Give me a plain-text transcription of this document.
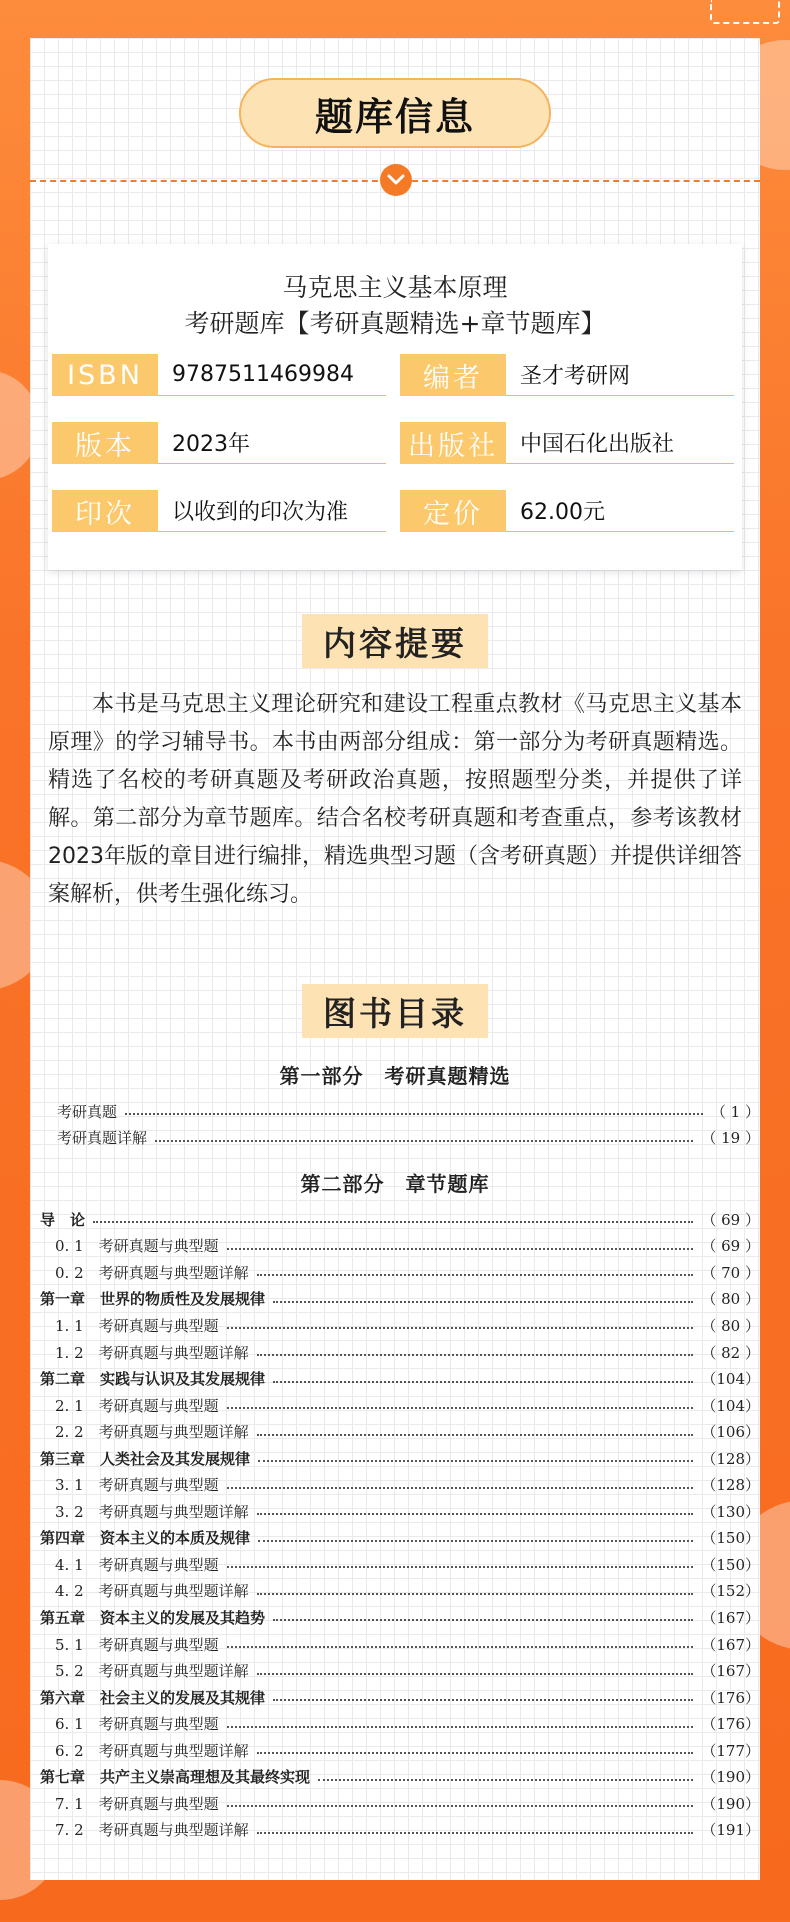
题库信息
马克思主义基本原理
考研题库【考研真题精选+章节题库】
ISBN	9787511469984	编者	圣才考研网
版本	2023年	出版社	中国石化出版社
印次	以收到的印次为准	定价	62.00元
内容提要
本书是马克思主义理论研究和建设工程重点教材《马克思主义基本原理》的学习辅导书。本书由两部分组成：第一部分为考研真题精选。精选了名校的考研真题及考研政治真题，按照题型分类，并提供了详解。第二部分为章节题库。结合名校考研真题和考查重点，参考该教材2023年版的章目进行编排，精选典型习题（含考研真题）并提供详细答案解析，供考生强化练习。
图书目录
第一部分　考研真题精选
考研真题	（ 1 ）
考研真题详解	（ 19 ）
第二部分　章节题库
导　论	（ 69 ）
0. 1　考研真题与典型题	（ 69 ）
0. 2　考研真题与典型题详解	（ 70 ）
第一章　世界的物质性及发展规律	（ 80 ）
1. 1　考研真题与典型题	（ 80 ）
1. 2　考研真题与典型题详解	（ 82 ）
第二章　实践与认识及其发展规律	（104）
2. 1　考研真题与典型题	（104）
2. 2　考研真题与典型题详解	（106）
第三章　人类社会及其发展规律	（128）
3. 1　考研真题与典型题	（128）
3. 2　考研真题与典型题详解	（130）
第四章　资本主义的本质及规律	（150）
4. 1　考研真题与典型题	（150）
4. 2　考研真题与典型题详解	（152）
第五章　资本主义的发展及其趋势	（167）
5. 1　考研真题与典型题	（167）
5. 2　考研真题与典型题详解	（167）
第六章　社会主义的发展及其规律	（176）
6. 1　考研真题与典型题	（176）
6. 2　考研真题与典型题详解	（177）
第七章　共产主义崇高理想及其最终实现	（190）
7. 1　考研真题与典型题	（190）
7. 2　考研真题与典型题详解	（191）
